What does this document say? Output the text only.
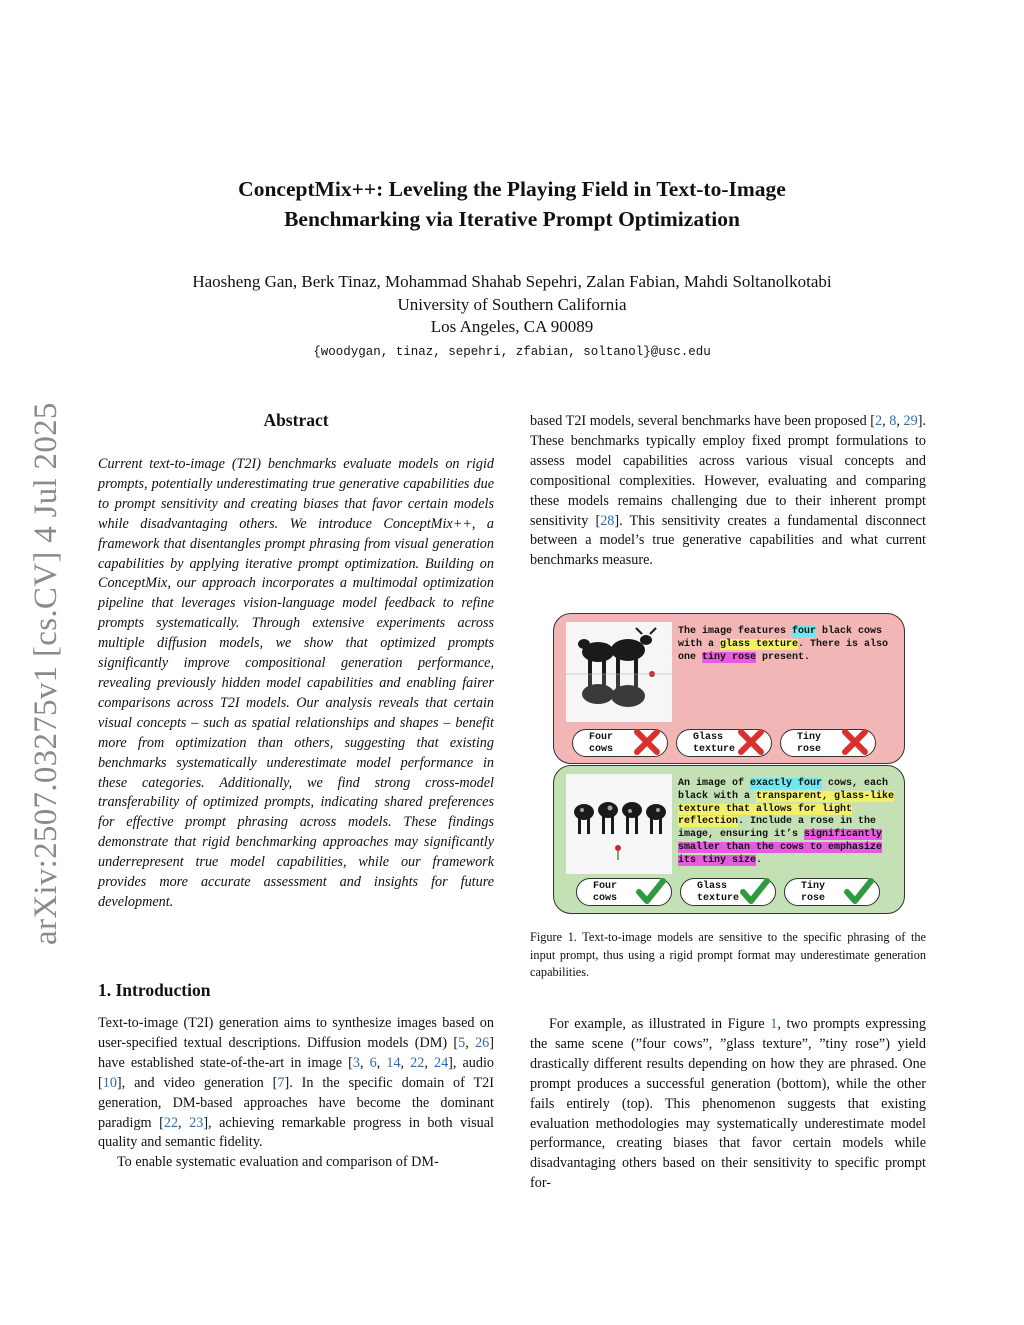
arXiv:2507.03275v1 [cs.CV] 4 Jul 2025
ConceptMix++: Leveling the Playing Field in Text-to-Image
Benchmarking via Iterative Prompt Optimization
Haosheng Gan, Berk Tinaz, Mohammad Shahab Sepehri, Zalan Fabian, Mahdi Soltanolkotabi
University of Southern California
Los Angeles, CA 90089
{woodygan, tinaz, sepehri, zfabian, soltanol}@usc.edu
Abstract
Current text-to-image (T2I) benchmarks evaluate models on rigid prompts, potentially underestimating true generative capabilities due to prompt sensitivity and creating biases that favor certain models while disadvantaging others. We introduce ConceptMix++, a framework that disentangles prompt phrasing from visual generation capabilities by applying iterative prompt optimization. Building on ConceptMix, our approach incorporates a multimodal optimization pipeline that leverages vision-language model feedback to refine prompts systematically. Through extensive experiments across multiple diffusion models, we show that optimized prompts significantly improve compositional generation performance, revealing previously hidden model capabilities and enabling fairer comparisons across T2I models. Our analysis reveals that certain visual concepts – such as spatial relationships and shapes – benefit more from optimization than others, suggesting that existing benchmarks systematically underestimate model performance in these categories. Additionally, we find strong cross-model transferability of optimized prompts, indicating shared preferences for effective prompt phrasing across models. These findings demonstrate that rigid benchmarking approaches may significantly underrepresent true model capabilities, while our framework provides more accurate assessment and insights for future development.
1. Introduction

Text-to-image (T2I) generation aims to synthesize images based on user-specified textual descriptions. Diffusion models (DM) [5, 26] have established state-of-the-art in image [3, 6, 14, 22, 24], audio [10], and video generation [7]. In the specific domain of T2I generation, DM-based approaches have become the dominant paradigm [22, 23], achieving remarkable progress in both visual quality and semantic fidelity.

To enable systematic evaluation and comparison of DM-

based T2I models, several benchmarks have been proposed [2, 8, 29]. These benchmarks typically employ fixed prompt formulations to assess model capabilities across various visual concepts and compositional complexities. However, evaluating and comparing these models remains challenging due to their inherent prompt sensitivity [28]. This sensitivity creates a fundamental disconnect between a model’s true generative capabilities and what current benchmarks measure.
The image features four black cows with a glass texture. There is also one tiny rose present.
Four
cows
Glass
texture
Tiny
rose
An image of exactly four cows, each black with a transparent, glass-like texture that allows for light reflection. Include a rose in the image, ensuring it’s significantly smaller than the cows to emphasize its tiny size.
Four
cows
Glass
texture
Tiny
rose
Figure 1. Text-to-image models are sensitive to the specific phrasing of the input prompt, thus using a rigid prompt format may underestimate generation capabilities.
For example, as illustrated in Figure 1, two prompts expressing the same scene (”four cows”, ”glass texture”, ”tiny rose”) yield drastically different results depending on how they are phrased. One prompt produces a successful generation (bottom), while the other fails entirely (top). This phenomenon suggests that existing evaluation methodologies may systematically underestimate model performance, creating biases that favor certain models while disadvantaging others based on their sensitivity to specific prompt for-
